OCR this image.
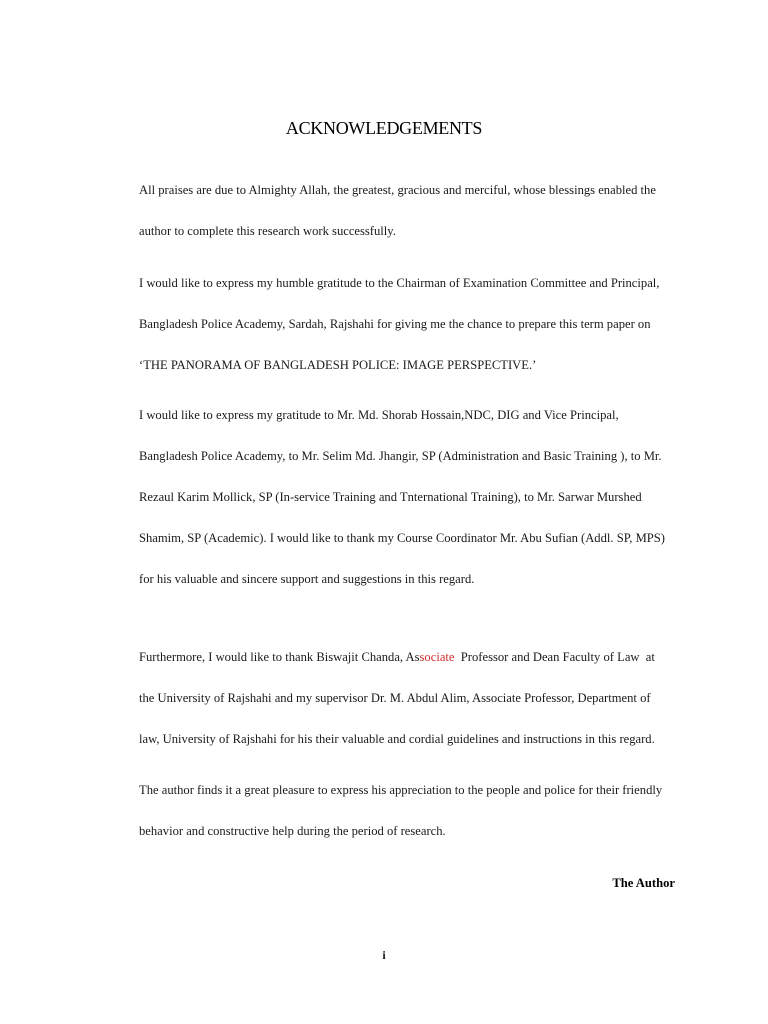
ACKNOWLEDGEMENTS

All praises are due to Almighty Allah, the greatest, gracious and merciful, whose blessings enabled the
author to complete this research work successfully.

I would like to express my humble gratitude to the Chairman of Examination Committee and Principal,
Bangladesh Police Academy, Sardah, Rajshahi for giving me the chance to prepare this term paper on
‘THE PANORAMA OF BANGLADESH POLICE: IMAGE PERSPECTIVE.’

I would like to express my gratitude to Mr. Md. Shorab Hossain,NDC, DIG and Vice Principal,
Bangladesh Police Academy, to Mr. Selim Md. Jhangir, SP (Administration and Basic Training ), to Mr.
Rezaul Karim Mollick, SP (In-service Training and Tnternational Training), to Mr. Sarwar Murshed
Shamim, SP (Academic). I would like to thank my Course Coordinator Mr. Abu Sufian (Addl. SP, MPS)
for his valuable and sincere support and suggestions in this regard.

Furthermore, I would like to thank Biswajit Chanda, Associate  Professor and Dean Faculty of Law  at
the University of Rajshahi and my supervisor Dr. M. Abdul Alim, Associate Professor, Department of
law, University of Rajshahi for his their valuable and cordial guidelines and instructions in this regard.

The author finds it a great pleasure to express his appreciation to the people and police for their friendly
behavior and constructive help during the period of research.

The Author
i
